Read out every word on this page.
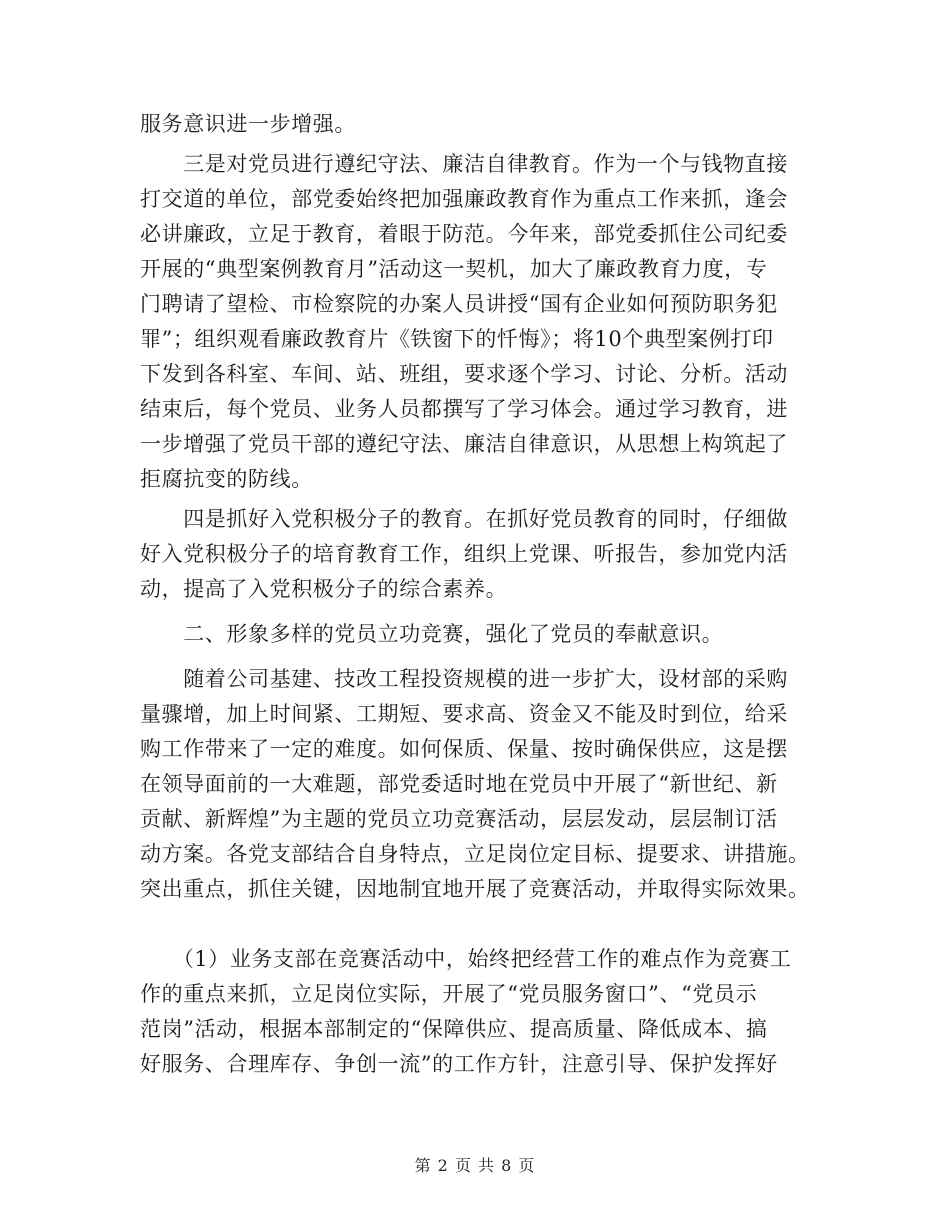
服务意识进一步增强。
　　三是对党员进行遵纪守法、廉洁自律教育。作为一个与钱物直接
打交道的单位，部党委始终把加强廉政教育作为重点工作来抓，逢会
必讲廉政，立足于教育，着眼于防范。今年来，部党委抓住公司纪委
开展的“典型案例教育月”活动这一契机，加大了廉政教育力度，专
门聘请了望检、市检察院的办案人员讲授“国有企业如何预防职务犯
罪”；组织观看廉政教育片《铁窗下的忏悔》；将10个典型案例打印
下发到各科室、车间、站、班组，要求逐个学习、讨论、分析。活动
结束后，每个党员、业务人员都撰写了学习体会。通过学习教育，进
一步增强了党员干部的遵纪守法、廉洁自律意识，从思想上构筑起了
拒腐抗变的防线。
　　四是抓好入党积极分子的教育。在抓好党员教育的同时，仔细做
好入党积极分子的培育教育工作，组织上党课、听报告，参加党内活
动，提高了入党积极分子的综合素养。
　　二、形象多样的党员立功竞赛，强化了党员的奉献意识。
　　随着公司基建、技改工程投资规模的进一步扩大，设材部的采购
量骤增，加上时间紧、工期短、要求高、资金又不能及时到位，给采
购工作带来了一定的难度。如何保质、保量、按时确保供应，这是摆
在领导面前的一大难题，部党委适时地在党员中开展了“新世纪、新
贡献、新辉煌”为主题的党员立功竞赛活动，层层发动，层层制订活
动方案。各党支部结合自身特点，立足岗位定目标、提要求、讲措施。
突出重点，抓住关键，因地制宜地开展了竞赛活动，并取得实际效果。
　　（1）业务支部在竞赛活动中，始终把经营工作的难点作为竞赛工
作的重点来抓，立足岗位实际，开展了“党员服务窗口”、“党员示
范岗”活动，根据本部制定的“保障供应、提高质量、降低成本、搞
好服务、合理库存、争创一流”的工作方针，注意引导、保护发挥好
第 2 页 共 8 页
